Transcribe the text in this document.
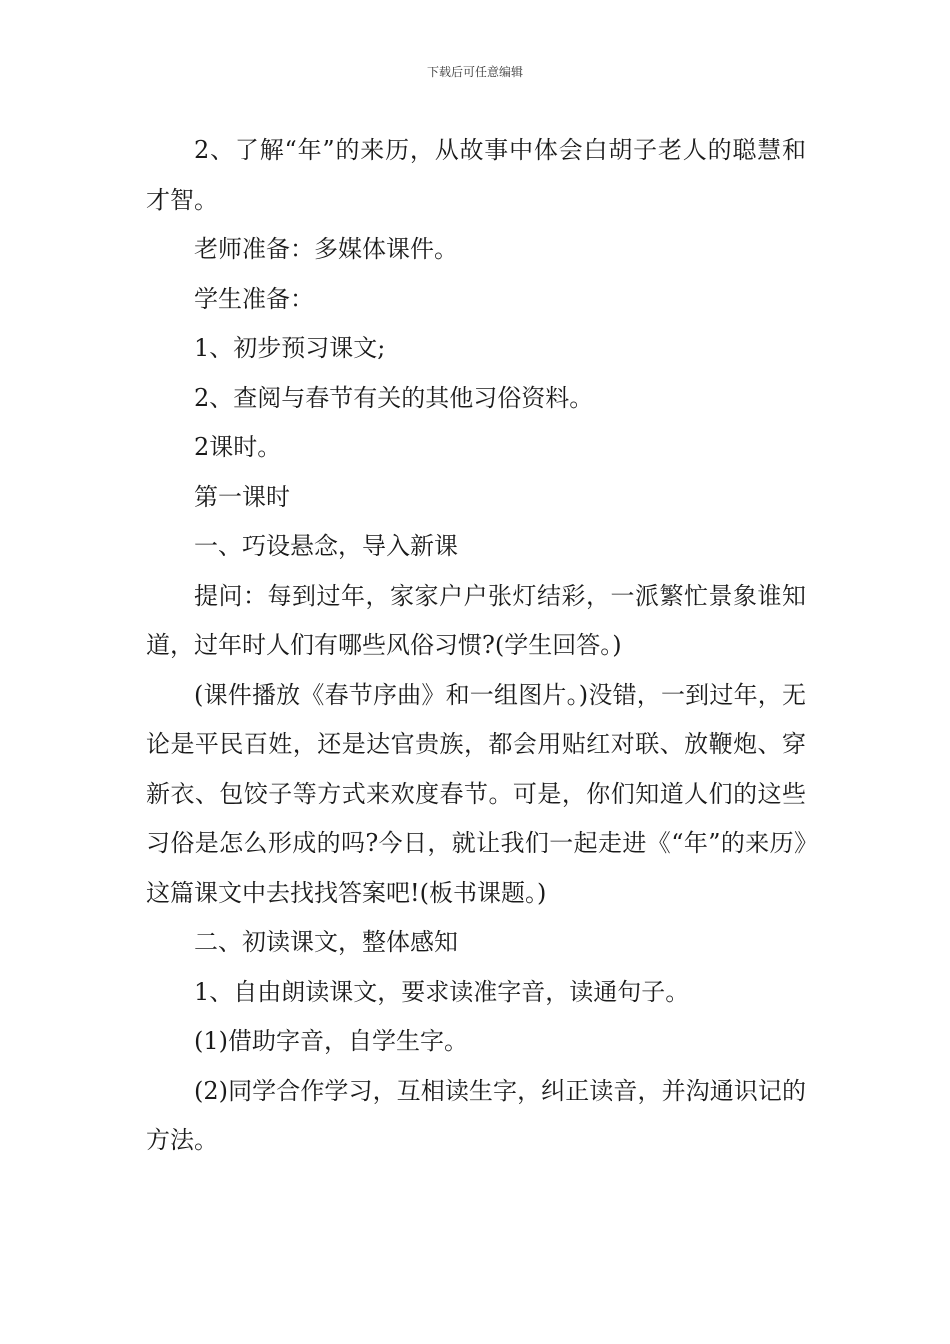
下载后可任意编辑

2、了解“年”的来历，从故事中体会白胡子老人的聪慧和才智。

老师准备：多媒体课件。

学生准备：

1、初步预习课文;

2、查阅与春节有关的其他习俗资料。

2课时。

第一课时

一、巧设悬念，导入新课

提问：每到过年，家家户户张灯结彩，一派繁忙景象谁知道，过年时人们有哪些风俗习惯?(学生回答。)

(课件播放《春节序曲》和一组图片。)没错，一到过年，无论是平民百姓，还是达官贵族，都会用贴红对联、放鞭炮、穿新衣、包饺子等方式来欢度春节。可是，你们知道人们的这些习俗是怎么形成的吗?今日，就让我们一起走进《“年”的来历》这篇课文中去找找答案吧!(板书课题。)

二、初读课文，整体感知

1、自由朗读课文，要求读准字音，读通句子。

(1)借助字音，自学生字。

(2)同学合作学习，互相读生字，纠正读音，并沟通识记的方法。
